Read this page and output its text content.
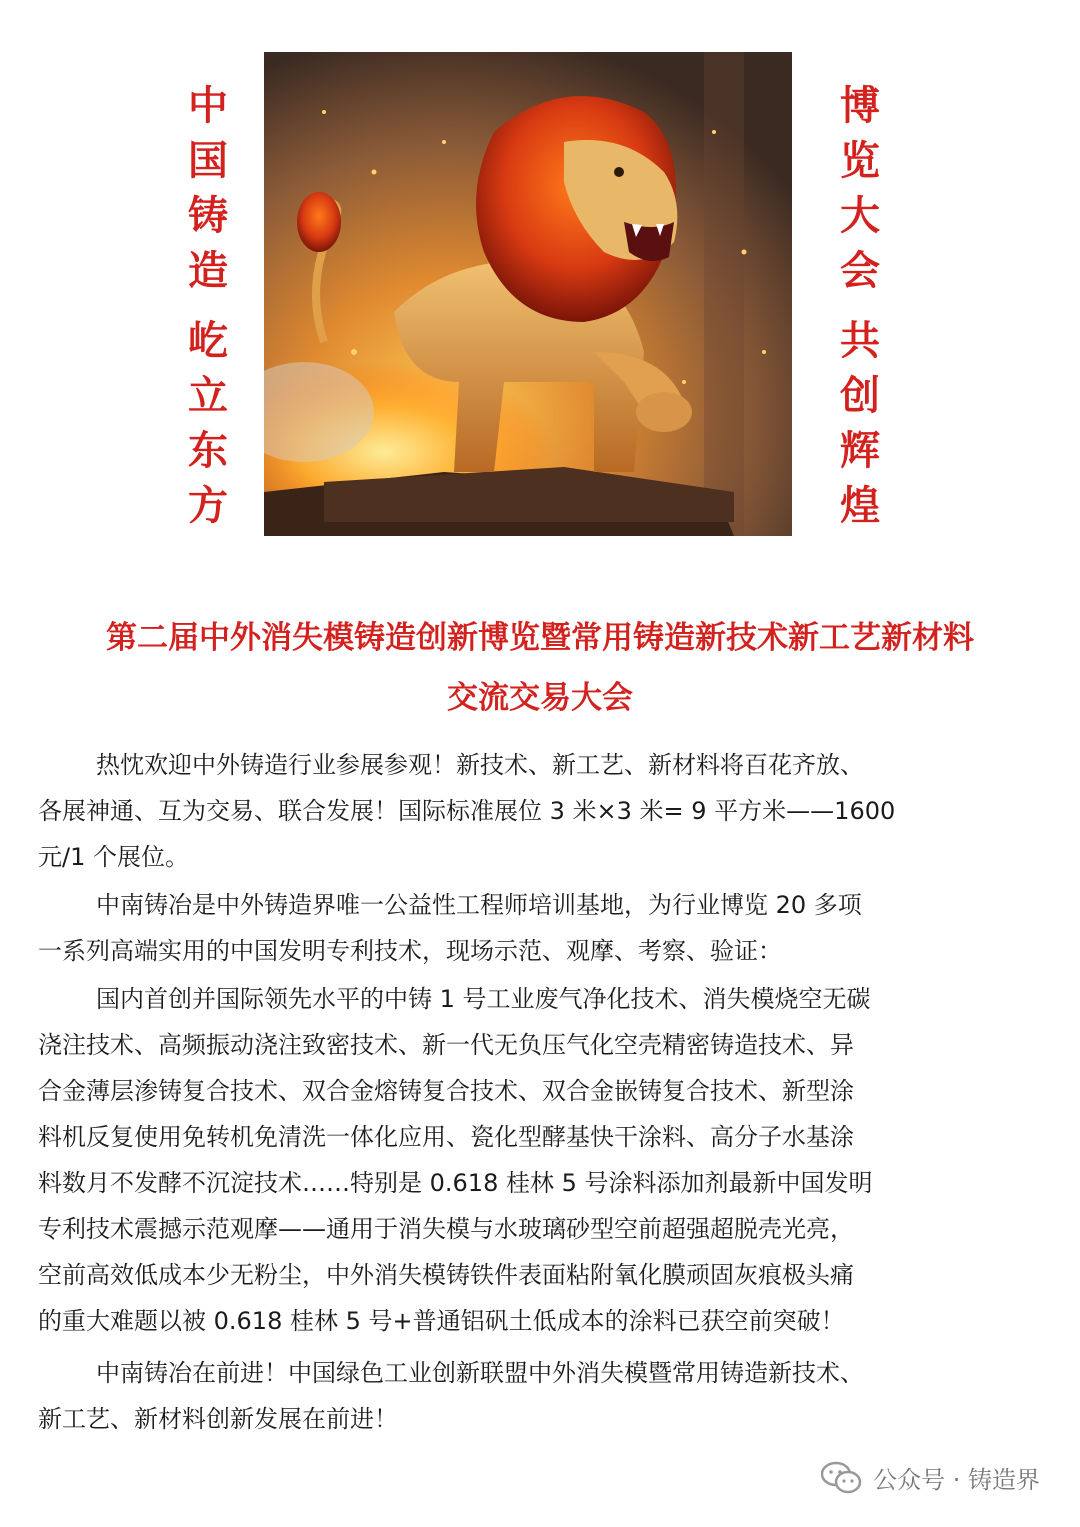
中
国
铸
造
屹
立
东
方
博
览
大
会
共
创
辉
煌
第二届中外消失模铸造创新博览暨常用铸造新技术新工艺新材料
交流交易大会
热忱欢迎中外铸造行业参展参观！新技术、新工艺、新材料将百花齐放、
各展神通、互为交易、联合发展！国际标准展位 3 米×3 米= 9 平方米——1600
元/1 个展位。
中南铸冶是中外铸造界唯一公益性工程师培训基地，为行业博览 20 多项
一系列高端实用的中国发明专利技术，现场示范、观摩、考察、验证：
国内首创并国际领先水平的中铸 1 号工业废气净化技术、消失模烧空无碳
浇注技术、高频振动浇注致密技术、新一代无负压气化空壳精密铸造技术、异
合金薄层渗铸复合技术、双合金熔铸复合技术、双合金嵌铸复合技术、新型涂
料机反复使用免转机免清洗一体化应用、瓷化型酵基快干涂料、高分子水基涂
料数月不发酵不沉淀技术……特别是 0.618 桂林 5 号涂料添加剂最新中国发明
专利技术震撼示范观摩——通用于消失模与水玻璃砂型空前超强超脱壳光亮，
空前高效低成本少无粉尘，中外消失模铸铁件表面粘附氧化膜顽固灰痕极头痛
的重大难题以被 0.618 桂林 5 号+普通铝矾土低成本的涂料已获空前突破！
中南铸冶在前进！中国绿色工业创新联盟中外消失模暨常用铸造新技术、
新工艺、新材料创新发展在前进！
公众号 · 铸造界
